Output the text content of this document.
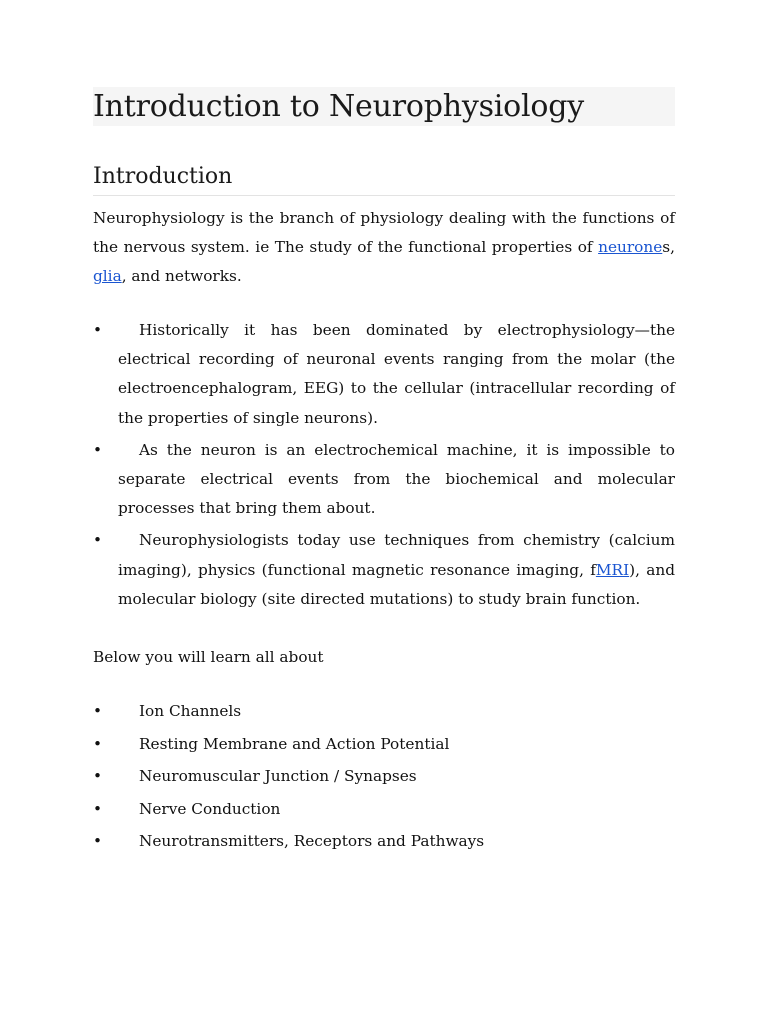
Introduction to Neurophysiology
Introduction

Neurophysiology is the branch of physiology dealing with the functions of the nervous system. ie The study of the functional properties of neurones, glia, and networks.

•	Historically it has been dominated by electrophysiology—the electrical recording of neuronal events ranging from the molar (the electroencephalogram, EEG) to the cellular (intracellular recording of the properties of single neurons).
•	As the neuron is an electrochemical machine, it is impossible to separate electrical events from the biochemical and molecular processes that bring them about.
•	Neurophysiologists today use techniques from chemistry (calcium imaging), physics (functional magnetic resonance imaging, fMRI), and molecular biology (site directed mutations) to study brain function.

Below you will learn all about

•	Ion Channels
•	Resting Membrane and Action Potential
•	Neuromuscular Junction / Synapses
•	Nerve Conduction
•	Neurotransmitters, Receptors and Pathways
